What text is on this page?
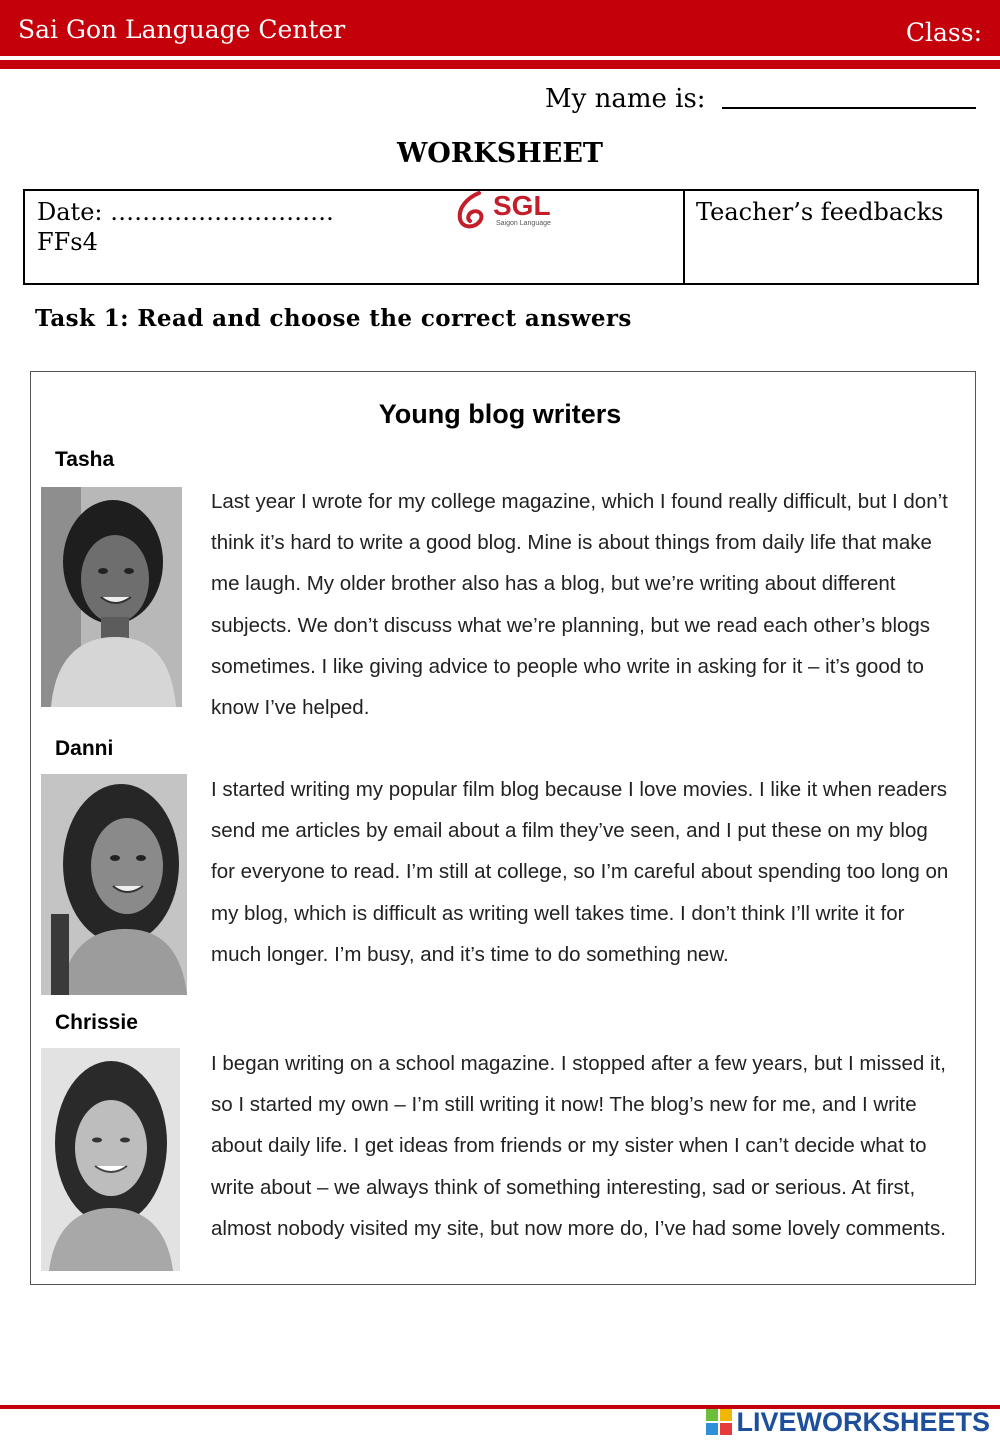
Sai Gon Language Center	Class:
My name is:
WORKSHEET
Date: ……………………….
FFs4
Teacher’s feedbacks
SGL
Saigon Language
Task 1: Read and choose the correct answers
Young blog writers
Tasha
Last year I wrote for my college magazine, which I found really difficult, but I don’t
think it’s hard to write a good blog. Mine is about things from daily life that make
me laugh. My older brother also has a blog, but we’re writing about different
subjects. We don’t discuss what we’re planning, but we read each other’s blogs
sometimes. I like giving advice to people who write in asking for it – it’s good to
know I’ve helped.
Danni
I started writing my popular film blog because I love movies. I like it when readers
send me articles by email about a film they’ve seen, and I put these on my blog
for everyone to read. I’m still at college, so I’m careful about spending too long on
my blog, which is difficult as writing well takes time. I don’t think I’ll write it for
much longer. I’m busy, and it’s time to do something new.
Chrissie
I began writing on a school magazine. I stopped after a few years, but I missed it,
so I started my own – I’m still writing it now! The blog’s new for me, and I write
about daily life. I get ideas from friends or my sister when I can’t decide what to
write about – we always think of something interesting, sad or serious. At first,
almost nobody visited my site, but now more do, I’ve had some lovely comments.
LIVEWORKSHEETS
